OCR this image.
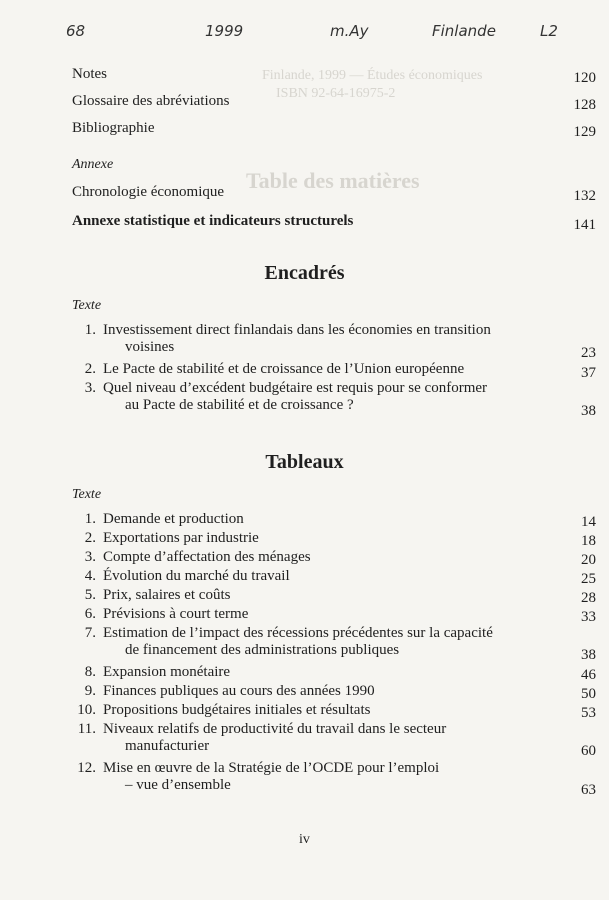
Finlande, 1999 — Études économiques
ISBN 92-64-16975-2
Table des matières
68	1999	m.Ay	Finlande	L2
Notes	120
Glossaire des abréviations	128
Bibliographie	129
Annexe
Chronologie économique	132
Annexe statistique et indicateurs structurels	141
Encadrés
Texte
1. Investissement direct finlandais dans les économies en transition
voisines	23
2. Le Pacte de stabilité et de croissance de l’Union européenne	37
3. Quel niveau d’excédent budgétaire est requis pour se conformer
au Pacte de stabilité et de croissance ?	38
Tableaux
Texte
1. Demande et production	14
2. Exportations par industrie	18
3. Compte d’affectation des ménages	20
4. Évolution du marché du travail	25
5. Prix, salaires et coûts	28
6. Prévisions à court terme	33
7. Estimation de l’impact des récessions précédentes sur la capacité
de financement des administrations publiques	38
8. Expansion monétaire	46
9. Finances publiques au cours des années 1990	50
10. Propositions budgétaires initiales et résultats	53
11. Niveaux relatifs de productivité du travail dans le secteur
manufacturier	60
12. Mise en œuvre de la Stratégie de l’OCDE pour l’emploi
– vue d’ensemble	63
iv
